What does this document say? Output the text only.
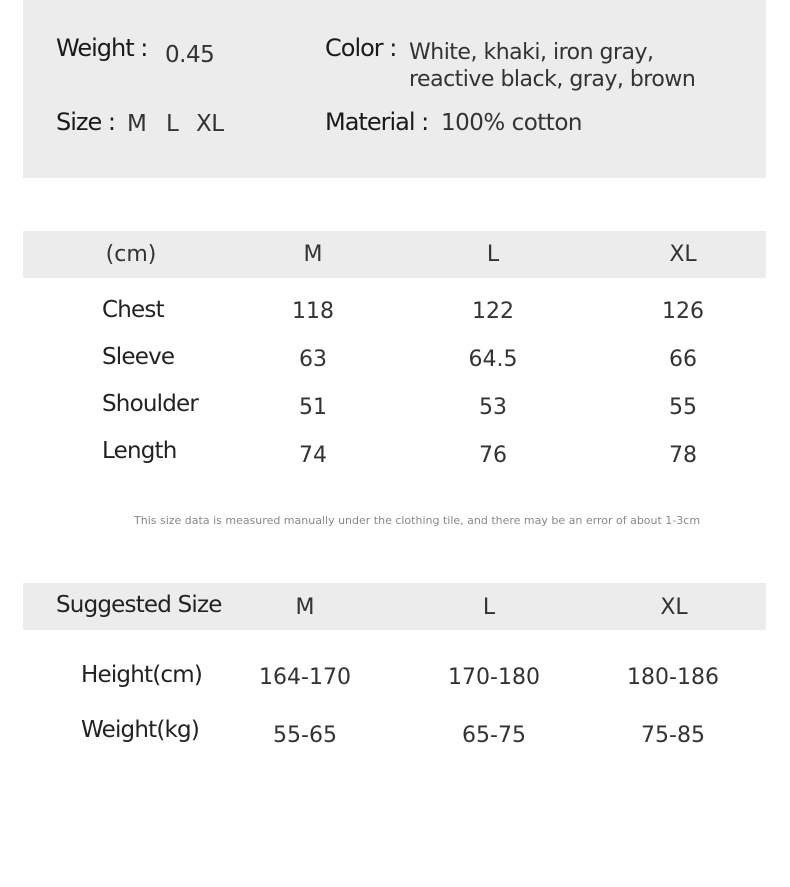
Weight : 0.45
Size : M L XL
Color : White, khaki, iron gray,
reactive black, gray, brown
Material : 100% cotton
(cm)	M	L	XL
Chest	118	122	126
Sleeve	63	64.5	66
Shoulder	51	53	55
Length	74	76	78
This size data is measured manually under the clothing tile, and there may be an error of about 1-3cm
Suggested Size	M	L	XL
Height(cm)	164-170	170-180	180-186
Weight(kg)	55-65	65-75	75-85
